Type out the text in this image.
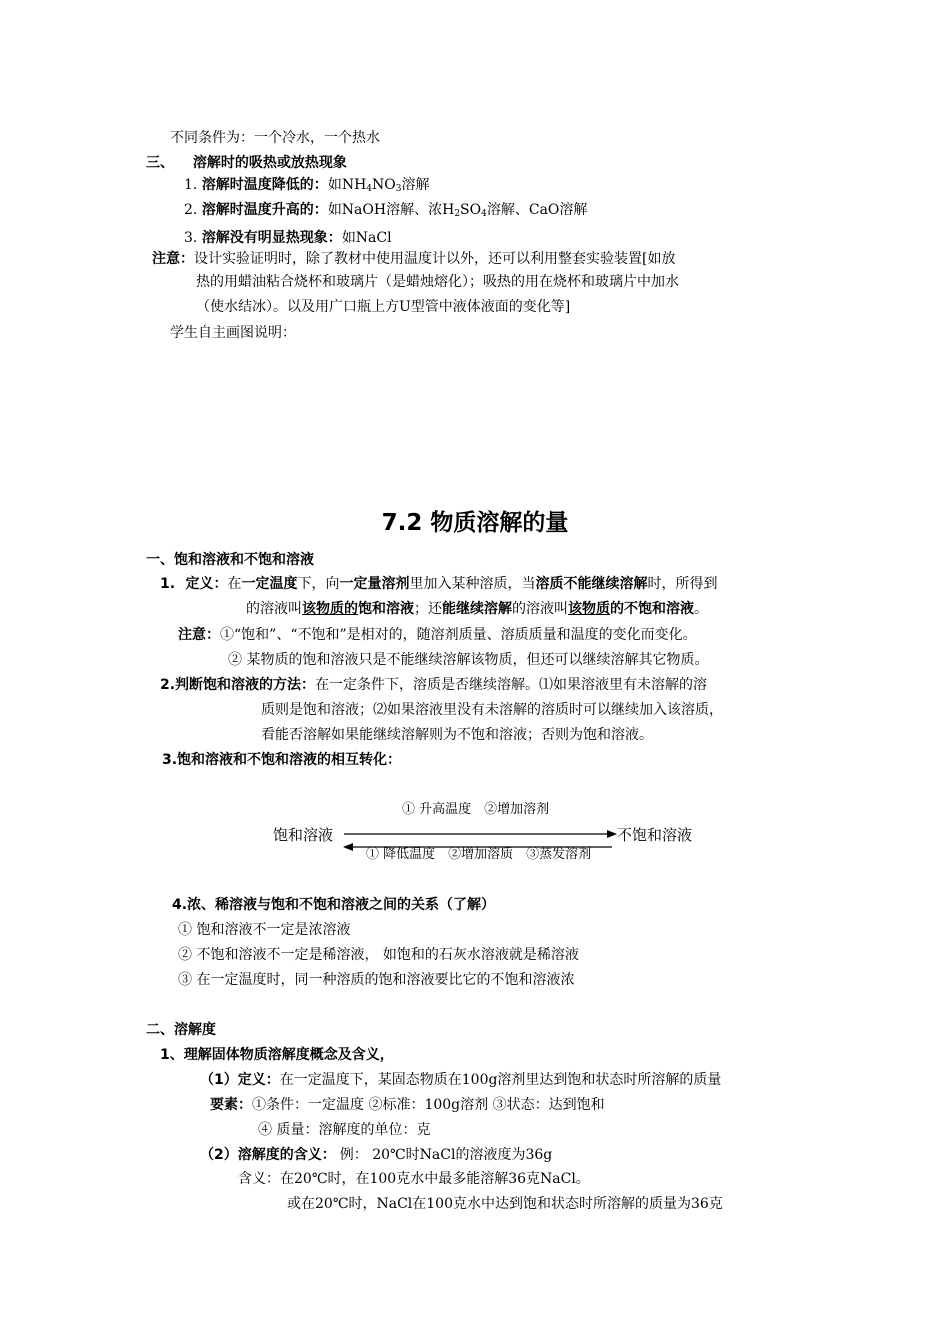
不同条件为：一个冷水，一个热水
三、 溶解时的吸热或放热现象
1. 溶解时温度降低的：如$NH_4NO_3$溶解
2. 溶解时温度升高的：如NaOH溶解、浓$H_2SO_4$溶解、CaO溶解
3. 溶解没有明显热现象：如NaCl
注意：设计实验证明时，除了教材中使用温度计以外，还可以利用整套实验装置[如放
热的用蜡油粘合烧杯和玻璃片（是蜡烛熔化）；吸热的用在烧杯和玻璃片中加水
（使水结冰）。以及用广口瓶上方U型管中液体液面的变化等]
学生自主画图说明：
7.2 物质溶解的量
一、饱和溶液和不饱和溶液
1. 定义：在一定温度下，向一定量溶剂里加入某种溶质，当溶质不能继续溶解时，所得到
的溶液叫该物质的饱和溶液；还能继续溶解的溶液叫该物质的不饱和溶液。
注意：①“饱和”、“不饱和”是相对的，随溶剂质量、溶质质量和温度的变化而变化。
② 某物质的饱和溶液只是不能继续溶解该物质，但还可以继续溶解其它物质。
2.判断饱和溶液的方法：在一定条件下，溶质是否继续溶解。⑴如果溶液里有未溶解的溶
质则是饱和溶液；⑵如果溶液里没有未溶解的溶质时可以继续加入该溶质，
看能否溶解如果能继续溶解则为不饱和溶液；否则为饱和溶液。
3.饱和溶液和不饱和溶液的相互转化：
① 升高温度　②增加溶剂
饱和溶液	不饱和溶液
① 降低温度　②增加溶质　③蒸发溶剂
4.浓、稀溶液与饱和不饱和溶液之间的关系（了解）
① 饱和溶液不一定是浓溶液
② 不饱和溶液不一定是稀溶液， 如饱和的石灰水溶液就是稀溶液
③ 在一定温度时，同一种溶质的饱和溶液要比它的不饱和溶液浓
二、溶解度
1、理解固体物质溶解度概念及含义，
（1）定义：在一定温度下，某固态物质在100g溶剂里达到饱和状态时所溶解的质量
要素：①条件：一定温度 ②标准：100g溶剂 ③状态：达到饱和
④ 质量：溶解度的单位：克
（2）溶解度的含义： 例： 20℃时NaCl的溶液度为36g
含义：在20℃时，在100克水中最多能溶解36克NaCl。
或在20℃时，NaCl在100克水中达到饱和状态时所溶解的质量为36克
